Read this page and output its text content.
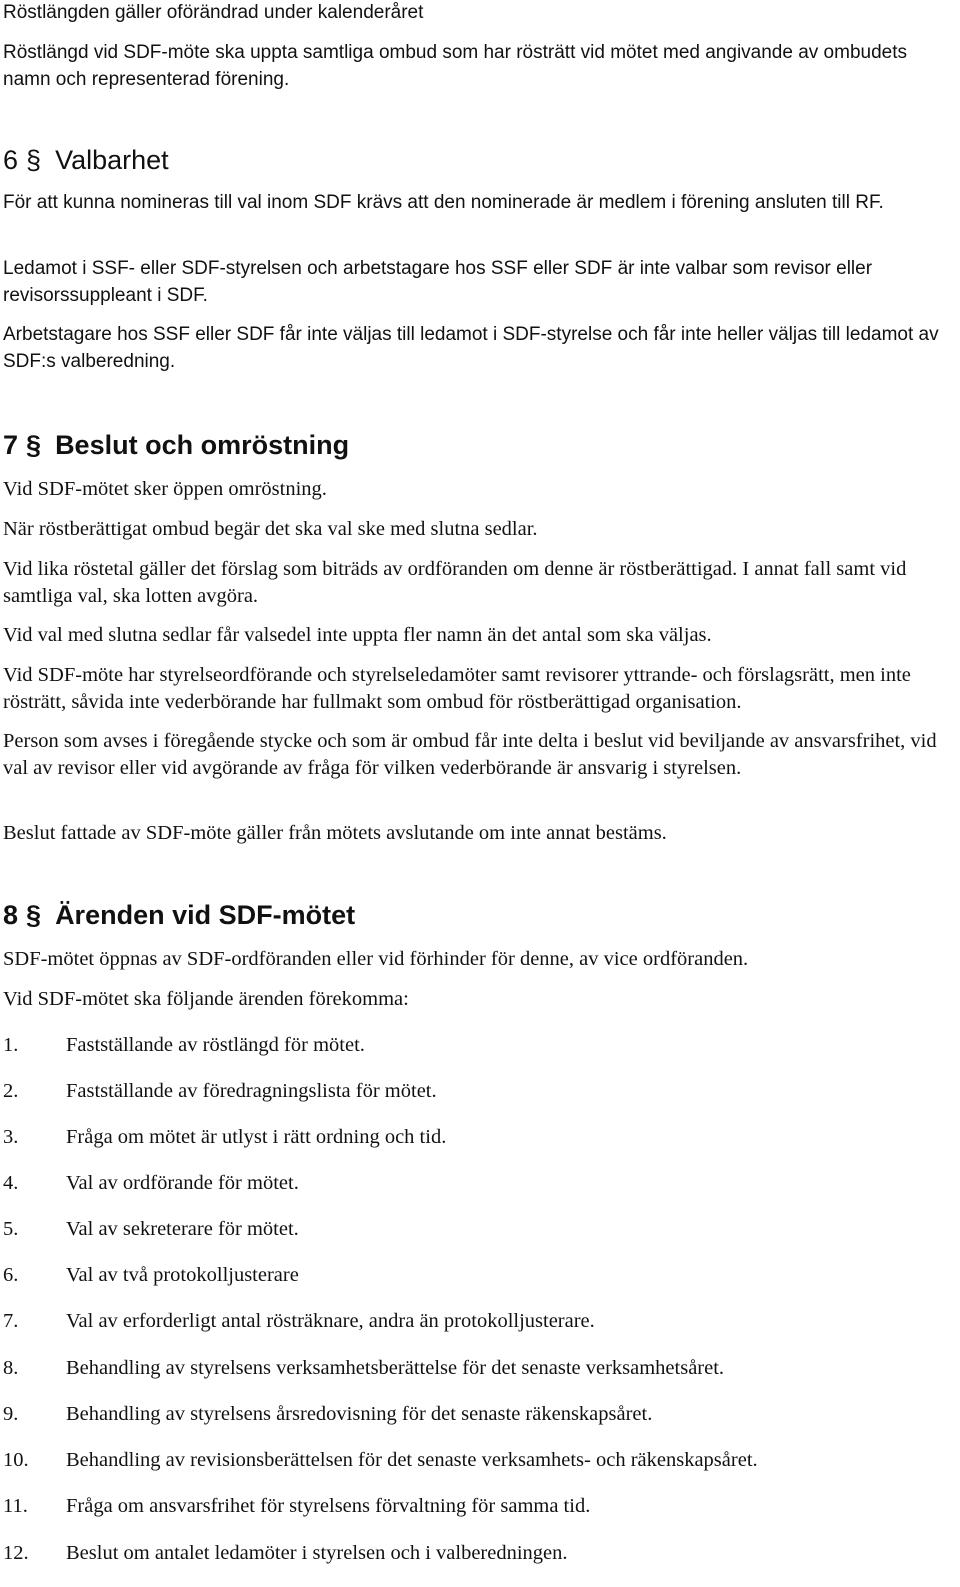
Röstlängden gäller oförändrad under kalenderåret
Röstlängd vid SDF-möte ska uppta samtliga ombud som har rösträtt vid mötet med angivande av ombudets namn och representerad förening.
6 § Valbarhet
För att kunna nomineras till val inom SDF krävs att den nominerade är medlem i förening ansluten till RF.
Ledamot i SSF- eller SDF-styrelsen och arbetstagare hos SSF eller SDF är inte valbar som revisor eller revisorssuppleant i SDF.
Arbetstagare hos SSF eller SDF får inte väljas till ledamot i SDF-styrelse och får inte heller väljas till ledamot av SDF:s valberedning.
7 § Beslut och omröstning
Vid SDF-mötet sker öppen omröstning.
När röstberättigat ombud begär det ska val ske med slutna sedlar.
Vid lika röstetal gäller det förslag som biträds av ordföranden om denne är röstberättigad. I annat fall samt vid samtliga val, ska lotten avgöra.
Vid val med slutna sedlar får valsedel inte uppta fler namn än det antal som ska väljas.
Vid SDF-möte har styrelseordförande och styrelseledamöter samt revisorer yttrande- och förslagsrätt, men inte rösträtt, såvida inte vederbörande har fullmakt som ombud för röstberättigad organisation.
Person som avses i föregående stycke och som är ombud får inte delta i beslut vid beviljande av ansvarsfrihet, vid val av revisor eller vid avgörande av fråga för vilken vederbörande är ansvarig i styrelsen.
Beslut fattade av SDF-möte gäller från mötets avslutande om inte annat bestäms.
8 § Ärenden vid SDF-mötet
SDF-mötet öppnas av SDF-ordföranden eller vid förhinder för denne, av vice ordföranden.
Vid SDF-mötet ska följande ärenden förekomma:
1. Fastställande av röstlängd för mötet.
2. Fastställande av föredragningslista för mötet.
3. Fråga om mötet är utlyst i rätt ordning och tid.
4. Val av ordförande för mötet.
5. Val av sekreterare för mötet.
6. Val av två protokolljusterare
7. Val av erforderligt antal rösträknare, andra än protokolljusterare.
8. Behandling av styrelsens verksamhetsberättelse för det senaste verksamhetsåret.
9. Behandling av styrelsens årsredovisning för det senaste räkenskapsåret.
10. Behandling av revisionsberättelsen för det senaste verksamhets- och räkenskapsåret.
11. Fråga om ansvarsfrihet för styrelsens förvaltning för samma tid.
12. Beslut om antalet ledamöter i styrelsen och i valberedningen.
